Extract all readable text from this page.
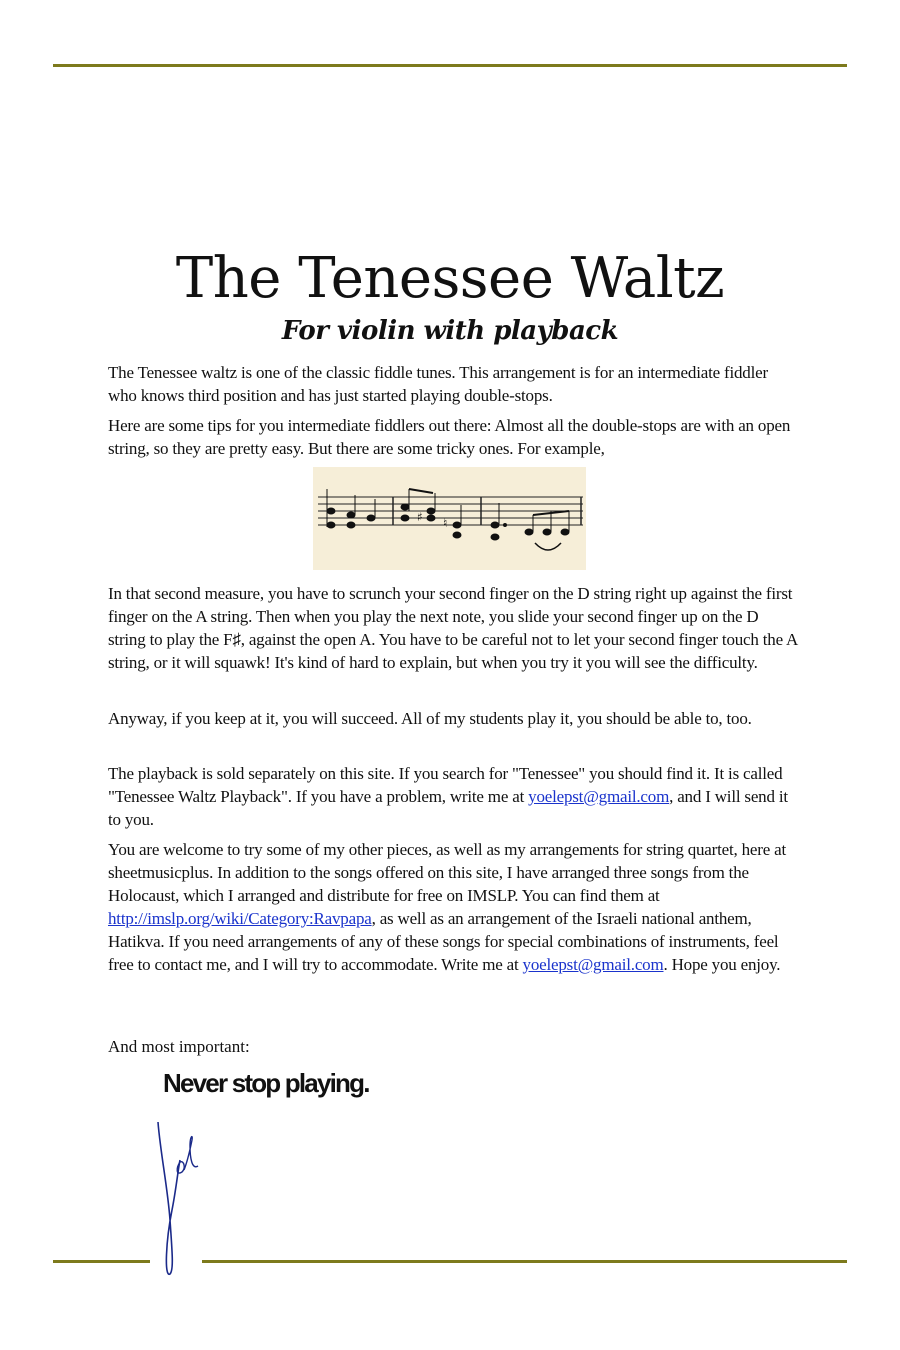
The Tenessee Waltz
For violin with playback

The Tenessee waltz is one of the classic fiddle tunes. This arrangement is for an intermediate fiddler who knows third position and has just started playing double-stops.

Here are some tips for you intermediate fiddlers out there: Almost all the double-stops are with an open string, so they are pretty easy. But there are some tricky ones. For example,

♯ ♮

In that second measure, you have to scrunch your second finger on the D string right up against the first finger on the A string. Then when you play the next note, you slide your second finger up on the D string to play the F♯, against the open A. You have to be careful not to let your second finger touch the A string, or it will squawk! It's kind of hard to explain, but when you try it you will see the difficulty.

Anyway, if you keep at it, you will succeed. All of my students play it, you should be able to, too.

The playback is sold separately on this site. If you search for "Tenessee" you should find it. It is called "Tenessee Waltz Playback". If you have a problem, write me at yoelepst@gmail.com, and I will send it to you.

You are welcome to try some of my other pieces, as well as my arrangements for string quartet, here at sheetmusicplus. In addition to the songs offered on this site, I have arranged three songs from the Holocaust, which I arranged and distribute for free on IMSLP. You can find them at http://imslp.org/wiki/Category:Ravpapa, as well as an arrangement of the Israeli national anthem, Hatikva. If you need arrangements of any of these songs for special combinations of instruments, feel free to contact me, and I will try to accommodate. Write me at yoelepst@gmail.com. Hope you enjoy.

And most important:

Never stop playing.
